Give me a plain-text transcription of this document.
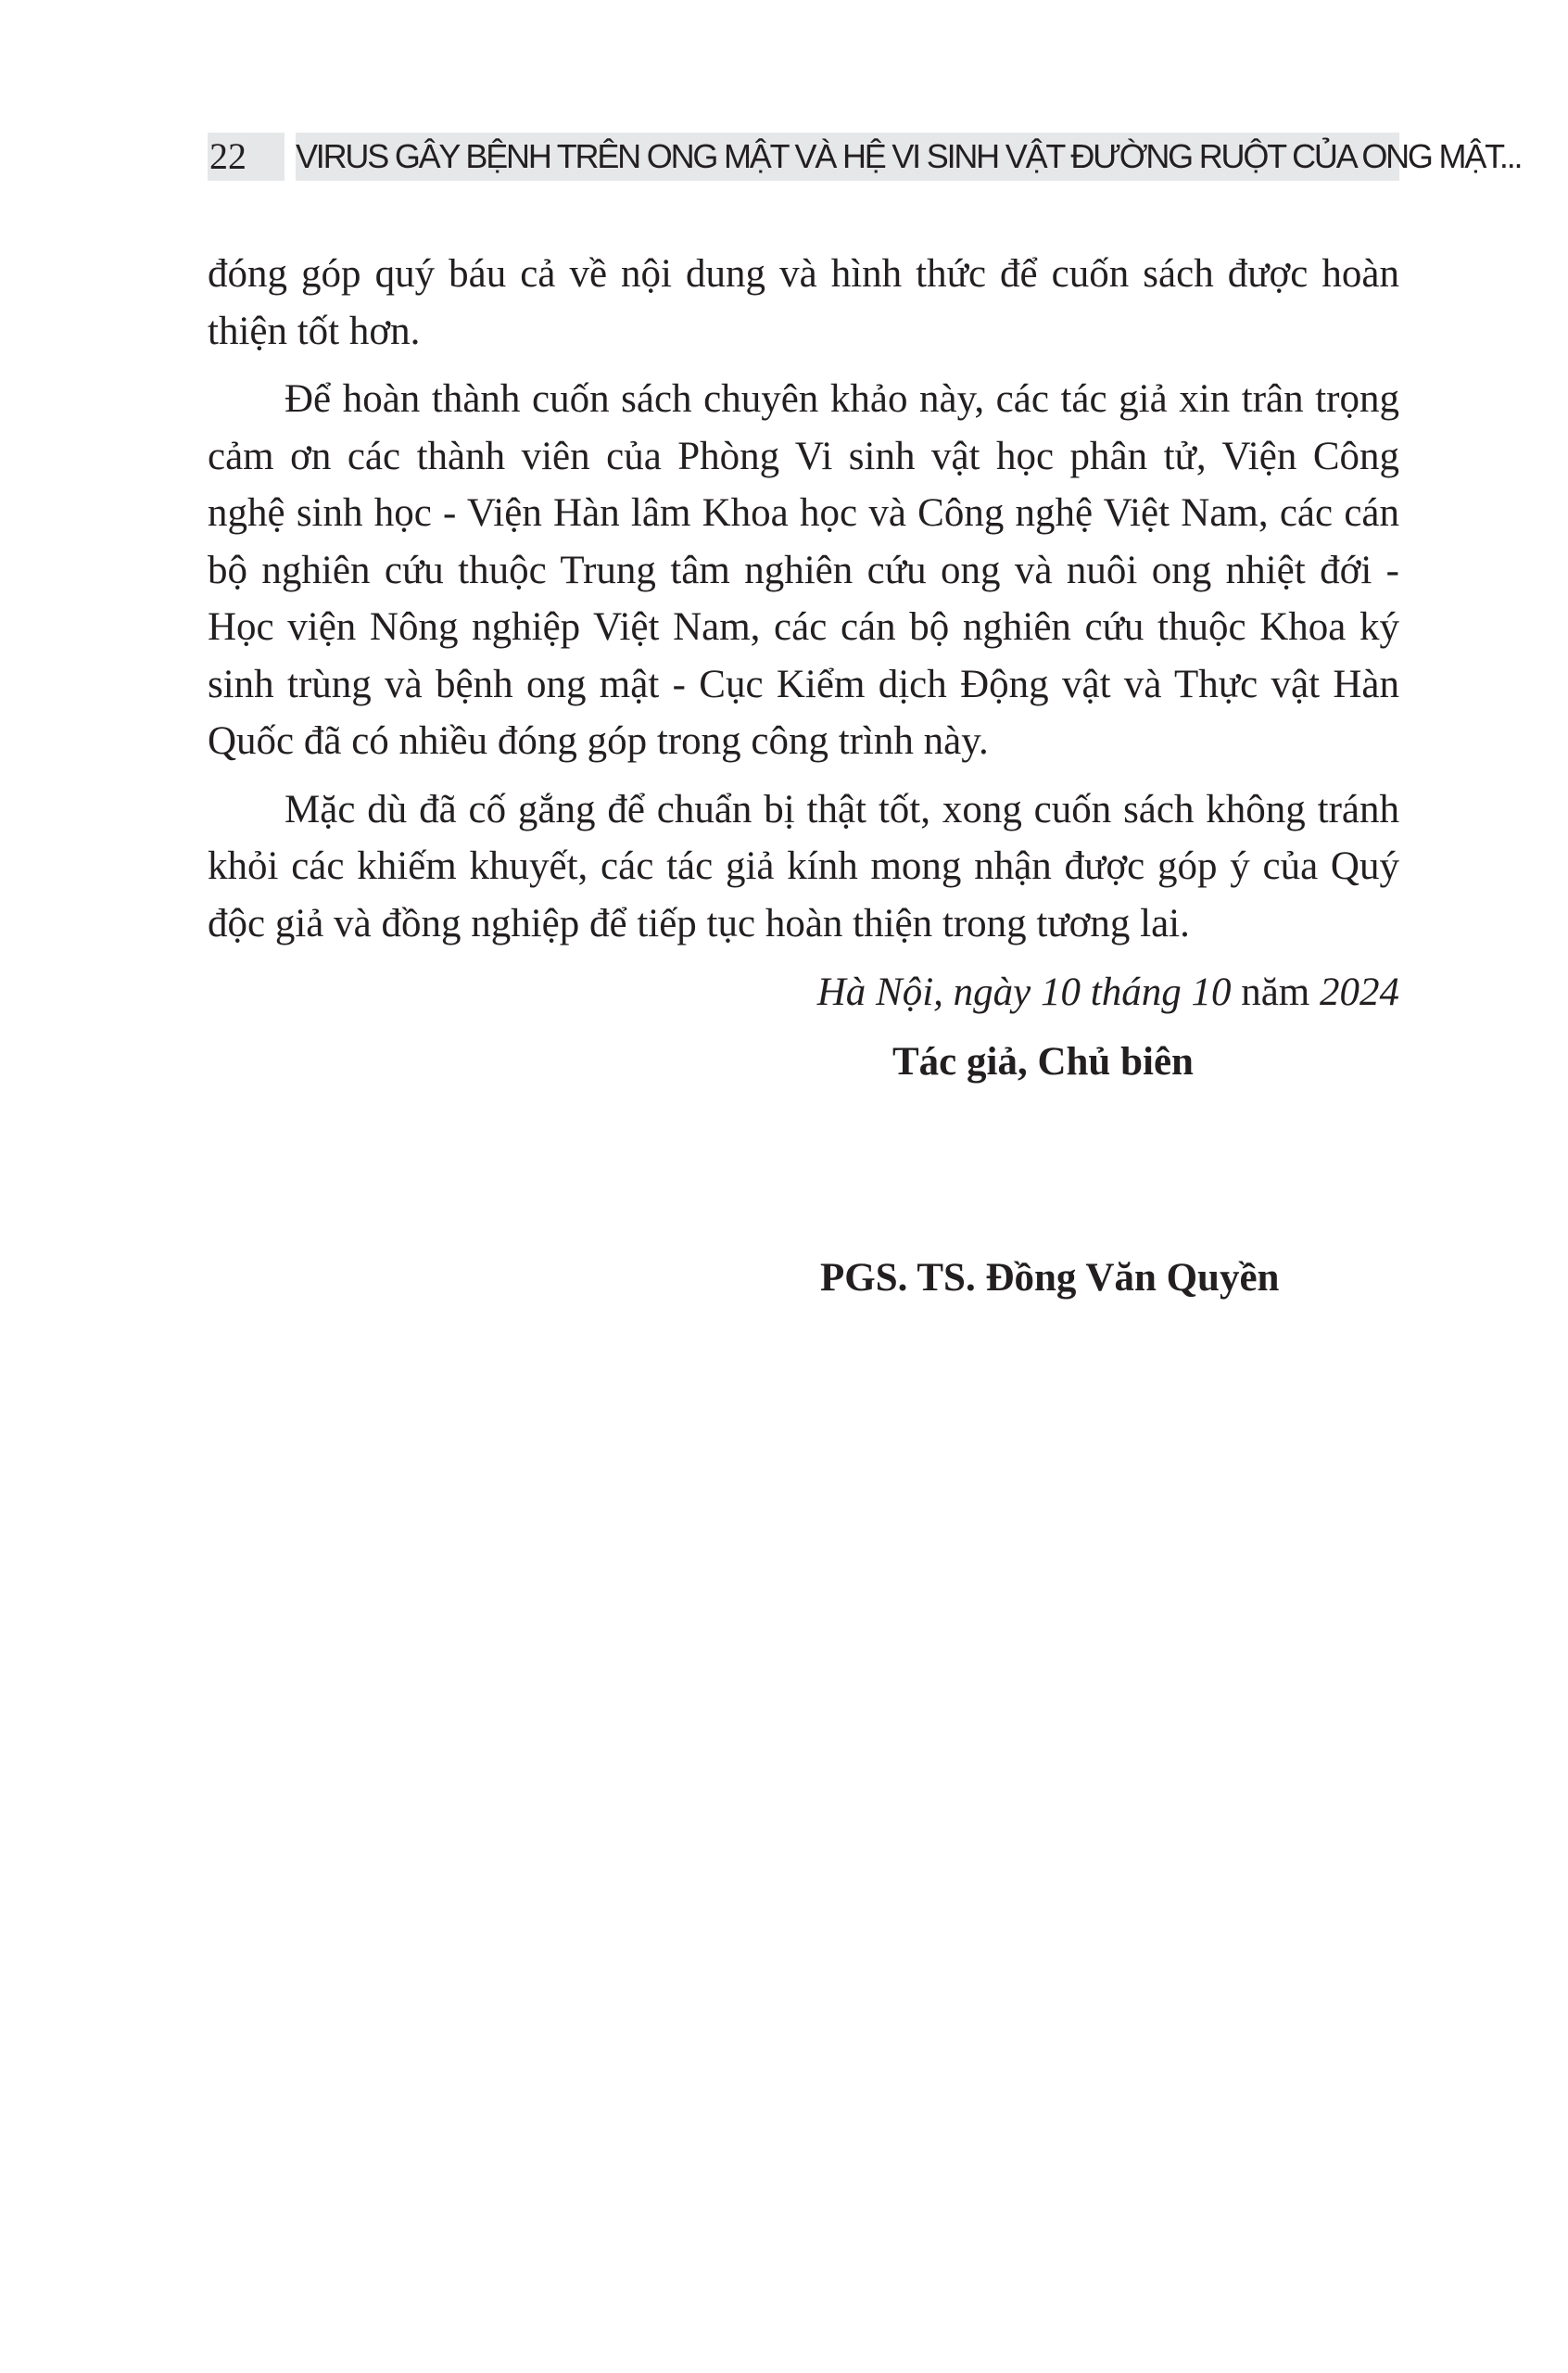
22	VIRUS GÂY BỆNH TRÊN ONG MẬT VÀ HỆ VI SINH VẬT ĐƯỜNG RUỘT CỦA ONG MẬT...

đóng góp quý báu cả về nội dung và hình thức để cuốn sách được hoàn thiện tốt hơn.

Để hoàn thành cuốn sách chuyên khảo này, các tác giả xin trân trọng cảm ơn các thành viên của Phòng Vi sinh vật học phân tử, Viện Công nghệ sinh học - Viện Hàn lâm Khoa học và Công nghệ Việt Nam, các cán bộ nghiên cứu thuộc Trung tâm nghiên cứu ong và nuôi ong nhiệt đới - Học viện Nông nghiệp Việt Nam, các cán bộ nghiên cứu thuộc Khoa ký sinh trùng và bệnh ong mật - Cục Kiểm dịch Động vật và Thực vật Hàn Quốc đã có nhiều đóng góp trong công trình này.

Mặc dù đã cố gắng để chuẩn bị thật tốt, xong cuốn sách không tránh khỏi các khiếm khuyết, các tác giả kính mong nhận được góp ý của Quý độc giả và đồng nghiệp để tiếp tục hoàn thiện trong tương lai.

Hà Nội, ngày 10 tháng 10 năm 2024
Tác giả, Chủ biên
PGS. TS. Đồng Văn Quyền
